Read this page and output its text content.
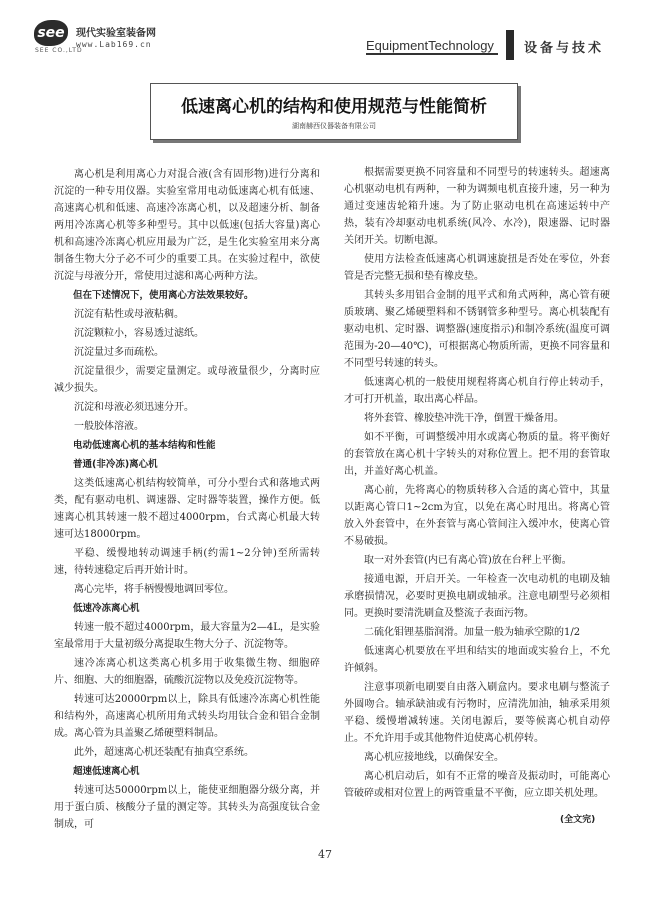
see
SEE CO.,LTD
现代实验室装备网
www.Lab169.cn	EquipmentTechnology 设备与技术
低速离心机的结构和使用规范与性能简析
湖南赫西仪器装备有限公司

离心机是利用离心力对混合液(含有固形物)进行分离和沉淀的一种专用仪器。实验室常用电动低速离心机有低速、高速离心机和低速、高速冷冻离心机，以及超速分析、制备两用冷冻离心机等多种型号。其中以低速(包括大容量)离心机和高速冷冻离心机应用最为广泛，是生化实验室用来分离制备生物大分子必不可少的重要工具。在实验过程中，欲使沉淀与母液分开，常使用过滤和离心两种方法。

但在下述情况下，使用离心方法效果较好。

沉淀有粘性或母液粘稠。

沉淀颗粒小，容易透过滤纸。

沉淀量过多而疏松。

沉淀量很少，需要定量测定。或母液量很少，分离时应减少损失。

沉淀和母液必须迅速分开。

一般胶体溶液。

电动低速离心机的基本结构和性能

普通(非冷冻)离心机

这类低速离心机结构较简单，可分小型台式和落地式两类，配有驱动电机、调速器、定时器等装置，操作方便。低速离心机其转速一般不超过4000rpm，台式离心机最大转速可达18000rpm。

平稳、缓慢地转动调速手柄(约需1~2分钟)至所需转速，待转速稳定后再开始计时。

离心完毕，将手柄慢慢地调回零位。

低速冷冻离心机

转速一般不超过4000rpm，最大容量为2—4L，是实验室最常用于大量初级分离提取生物大分子、沉淀物等。

速冷冻离心机这类离心机多用于收集微生物、细胞碎片、细胞、大的细胞器，硫酸沉淀物以及免疫沉淀物等。

转速可达20000rpm以上，除具有低速冷冻离心机性能和结构外，高速离心机所用角式转头均用钛合金和铝合金制成。离心管为具盖聚乙烯硬塑料制品。

此外，超速离心机还装配有抽真空系统。

超速低速离心机

转速可达50000rpm以上，能使亚细胞器分级分离，并用于蛋白质、核酸分子量的测定等。其转头为高强度钛合金制成，可

根据需要更换不同容量和不同型号的转速转头。超速离心机驱动电机有两种，一种为调频电机直接升速，另一种为通过变速齿轮箱升速。为了防止驱动电机在高速运转中产热，装有冷却驱动电机系统(风冷、水冷)，限速器、记时器关闭开关。切断电源。

使用方法检查低速离心机调速旋扭是否处在零位，外套管是否完整无损和垫有橡皮垫。

其转头多用铝合金制的甩平式和角式两种，离心管有硬质玻璃、聚乙烯硬塑料和不锈钢管多种型号。离心机装配有驱动电机、定时器、调整器(速度指示)和制冷系统(温度可调范围为-20—40℃)，可根据离心物质所需，更换不同容量和不同型号转速的转头。

低速离心机的一般使用规程将离心机自行停止转动手，才可打开机盖，取出离心样品。

将外套管、橡胶垫冲洗干净，倒置干燥备用。

如不平衡，可调整缓冲用水或离心物质的量。将平衡好的套管放在离心机十字转头的对称位置上。把不用的套管取出，并盖好离心机盖。

离心前，先将离心的物质转移入合适的离心管中，其量以距离心管口1~2cm为宜，以免在离心时甩出。将离心管放入外套管中，在外套管与离心管间注入缓冲水，使离心管不易破损。

取一对外套管(内已有离心管)放在台秤上平衡。

接通电源，开启开关。一年检查一次电动机的电刷及轴承磨损情况，必要时更换电刷或轴承。注意电刷型号必须相同。更换时要清洗刷盒及整流子表面污物。

二硫化钼锂基脂润滑。加量一般为轴承空隙的1/2

低速离心机要放在平坦和结实的地面或实验台上，不允许倾斜。

注意事项新电刷要自由落入刷盒内。要求电刷与整流子外圆吻合。轴承缺油或有污物时，应清洗加油，轴承采用须平稳、缓慢增减转速。关闭电源后，要等候离心机自动停止。不允许用手或其他物件迫使离心机停转。

离心机应接地线，以确保安全。

离心机启动后，如有不正常的噪音及振动时，可能离心管破碎或相对位置上的两管重量不平衡，应立即关机处理。

(全文完)
47
